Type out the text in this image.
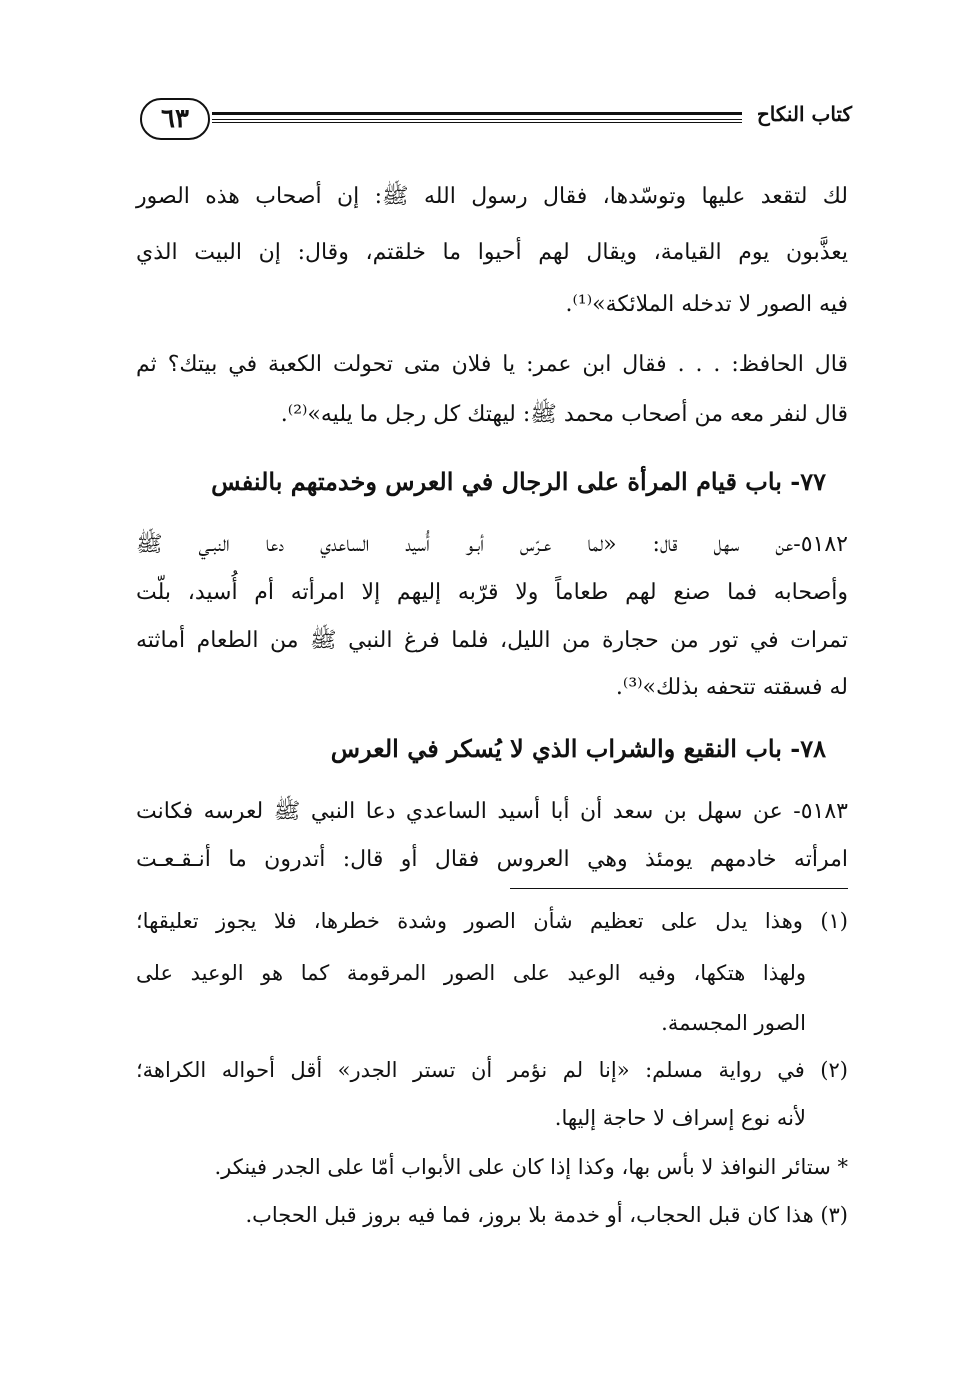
٦٣	كتاب النكاح
لك لتقعد عليها وتوسّدها، فقال رسول الله ﷺ: إن أصحاب هذه الصور
يعذَّبون يوم القيامة، ويقال لهم أحيوا ما خلقتم، وقال: إن البيت الذي
فيه الصور لا تدخله الملائكة»⁽¹⁾.
قال الحافظ: . . . فقال ابن عمر: يا فلان متى تحولت الكعبة في بيتك؟ ثم
قال لنفر معه من أصحاب محمد ﷺ: ليهتك كل رجل ما يليه»⁽²⁾.
٧٧- باب قيام المرأة على الرجال في العرس وخدمتهم بالنفس
٥١٨٢-عن سهل قال: «لما عـرّس أبـو أُسيد الساعدي دعا النبـي ﷺ
وأصحابه فما صنع لهم طعاماً ولا قرّبه إليهم إلا امرأته أم أُسيد، بلّت
تمرات في تور من حجارة من الليل، فلما فرغ النبي ﷺ من الطعام أماثته
له فسقته تتحفه بذلك»⁽³⁾.
٧٨- باب النقيع والشراب الذي لا يُسكر في العرس
٥١٨٣- عن سهل بن سعد أن أبا أسيد الساعدي دعا النبي ﷺ لعرسه فكانت
امرأته خادمهم يومئذ وهي العروس فقال أو قال: أتدرون ما أنـقـعـت
(١) وهذا يدل على تعظيم شأن الصور وشدة خطرها، فلا يجوز تعليقها؛
ولهذا هتكها، وفيه الوعيد على الصور المرقومة كما هو الوعيد على
الصور المجسمة.
(٢) في رواية مسلم: «إنا لم نؤمر أن تستر الجدر» أقل أحواله الكراهة؛
لأنه نوع إسراف لا حاجة إليها.
* ستائر النوافذ لا بأس بها، وكذا إذا كان على الأبواب أمّا على الجدر فينكر.
(٣) هذا كان قبل الحجاب، أو خدمة بلا بروز، فما فيه بروز قبل الحجاب.
